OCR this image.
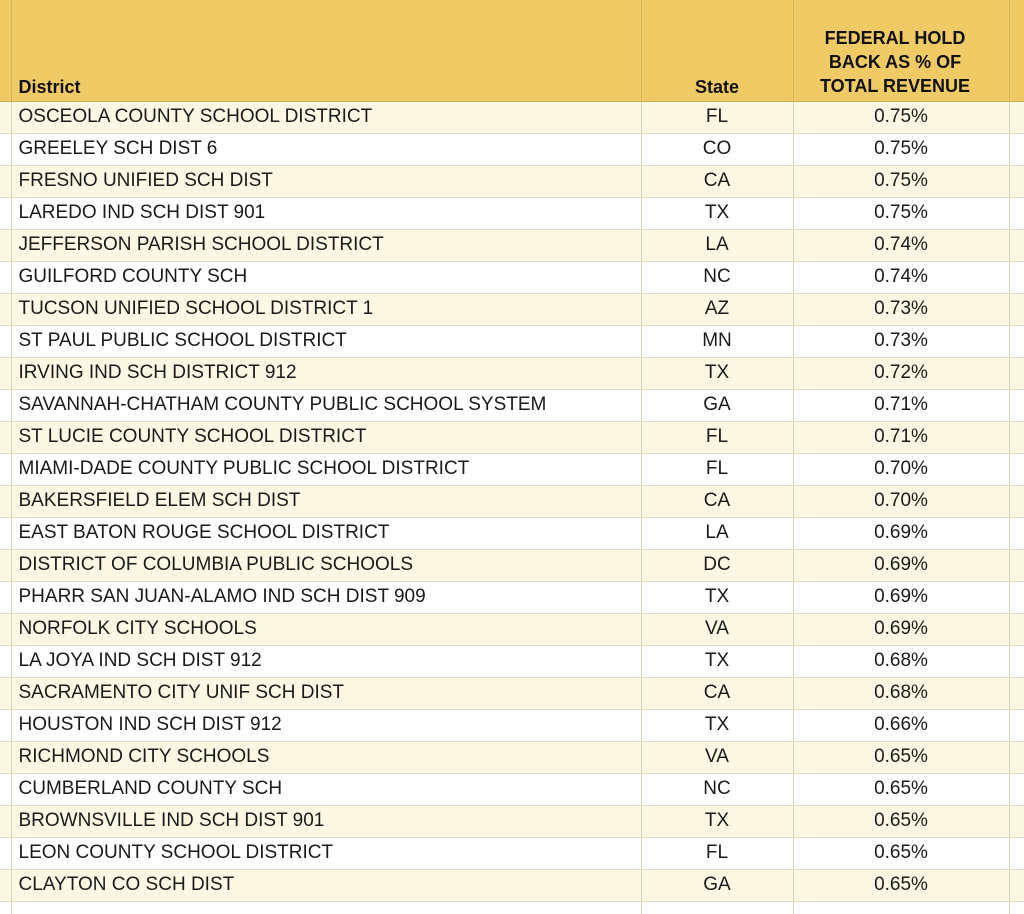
	District	State	FEDERAL HOLD BACK AS % OF TOTAL REVENUE	
	OSCEOLA COUNTY SCHOOL DISTRICT	FL	0.75%	
	GREELEY SCH DIST 6	CO	0.75%	
	FRESNO UNIFIED SCH DIST	CA	0.75%	
	LAREDO IND SCH DIST 901	TX	0.75%	
	JEFFERSON PARISH SCHOOL DISTRICT	LA	0.74%	
	GUILFORD COUNTY SCH	NC	0.74%	
	TUCSON UNIFIED SCHOOL DISTRICT 1	AZ	0.73%	
	ST PAUL PUBLIC SCHOOL DISTRICT	MN	0.73%	
	IRVING IND SCH DISTRICT 912	TX	0.72%	
	SAVANNAH-CHATHAM COUNTY PUBLIC SCHOOL SYSTEM	GA	0.71%	
	ST LUCIE COUNTY SCHOOL DISTRICT	FL	0.71%	
	MIAMI-DADE COUNTY PUBLIC SCHOOL DISTRICT	FL	0.70%	
	BAKERSFIELD ELEM SCH DIST	CA	0.70%	
	EAST BATON ROUGE SCHOOL DISTRICT	LA	0.69%	
	DISTRICT OF COLUMBIA PUBLIC SCHOOLS	DC	0.69%	
	PHARR SAN JUAN-ALAMO IND SCH DIST 909	TX	0.69%	
	NORFOLK CITY SCHOOLS	VA	0.69%	
	LA JOYA IND SCH DIST 912	TX	0.68%	
	SACRAMENTO CITY UNIF SCH DIST	CA	0.68%	
	HOUSTON IND SCH DIST 912	TX	0.66%	
	RICHMOND CITY SCHOOLS	VA	0.65%	
	CUMBERLAND COUNTY SCH	NC	0.65%	
	BROWNSVILLE IND SCH DIST 901	TX	0.65%	
	LEON COUNTY SCHOOL DISTRICT	FL	0.65%	
	CLAYTON CO SCH DIST	GA	0.65%	
